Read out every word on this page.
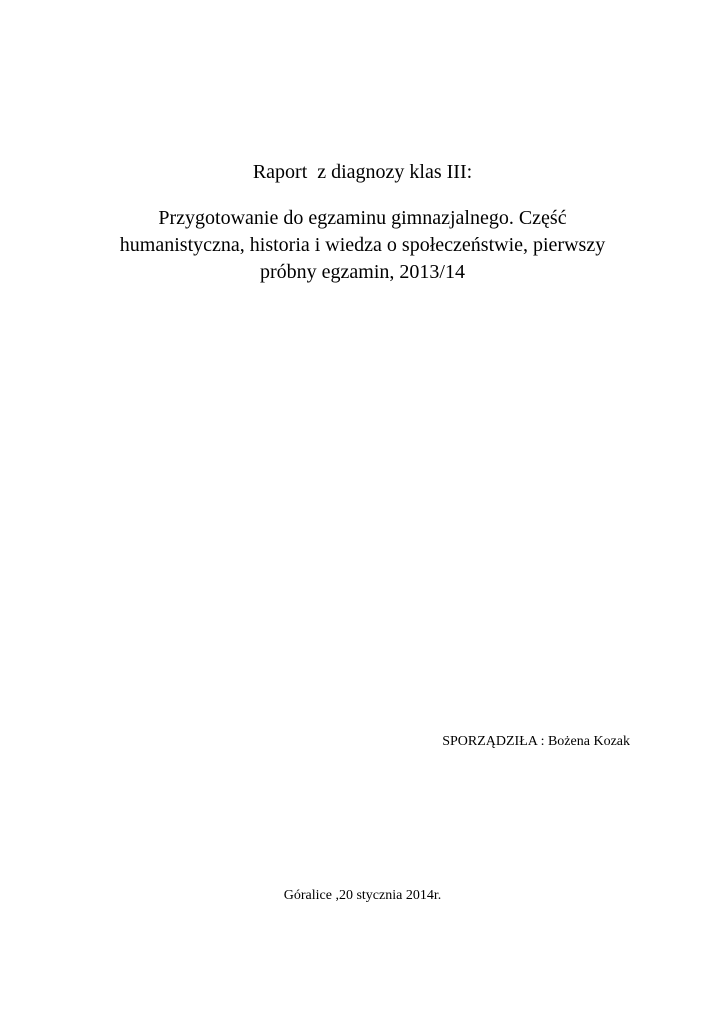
Raport  z diagnozy klas III:
Przygotowanie do egzaminu gimnazjalnego. Część
humanistyczna, historia i wiedza o społeczeństwie, pierwszy
próbny egzamin, 2013/14
SPORZĄDZIŁA : Bożena Kozak
Góralice ,20 stycznia 2014r.
